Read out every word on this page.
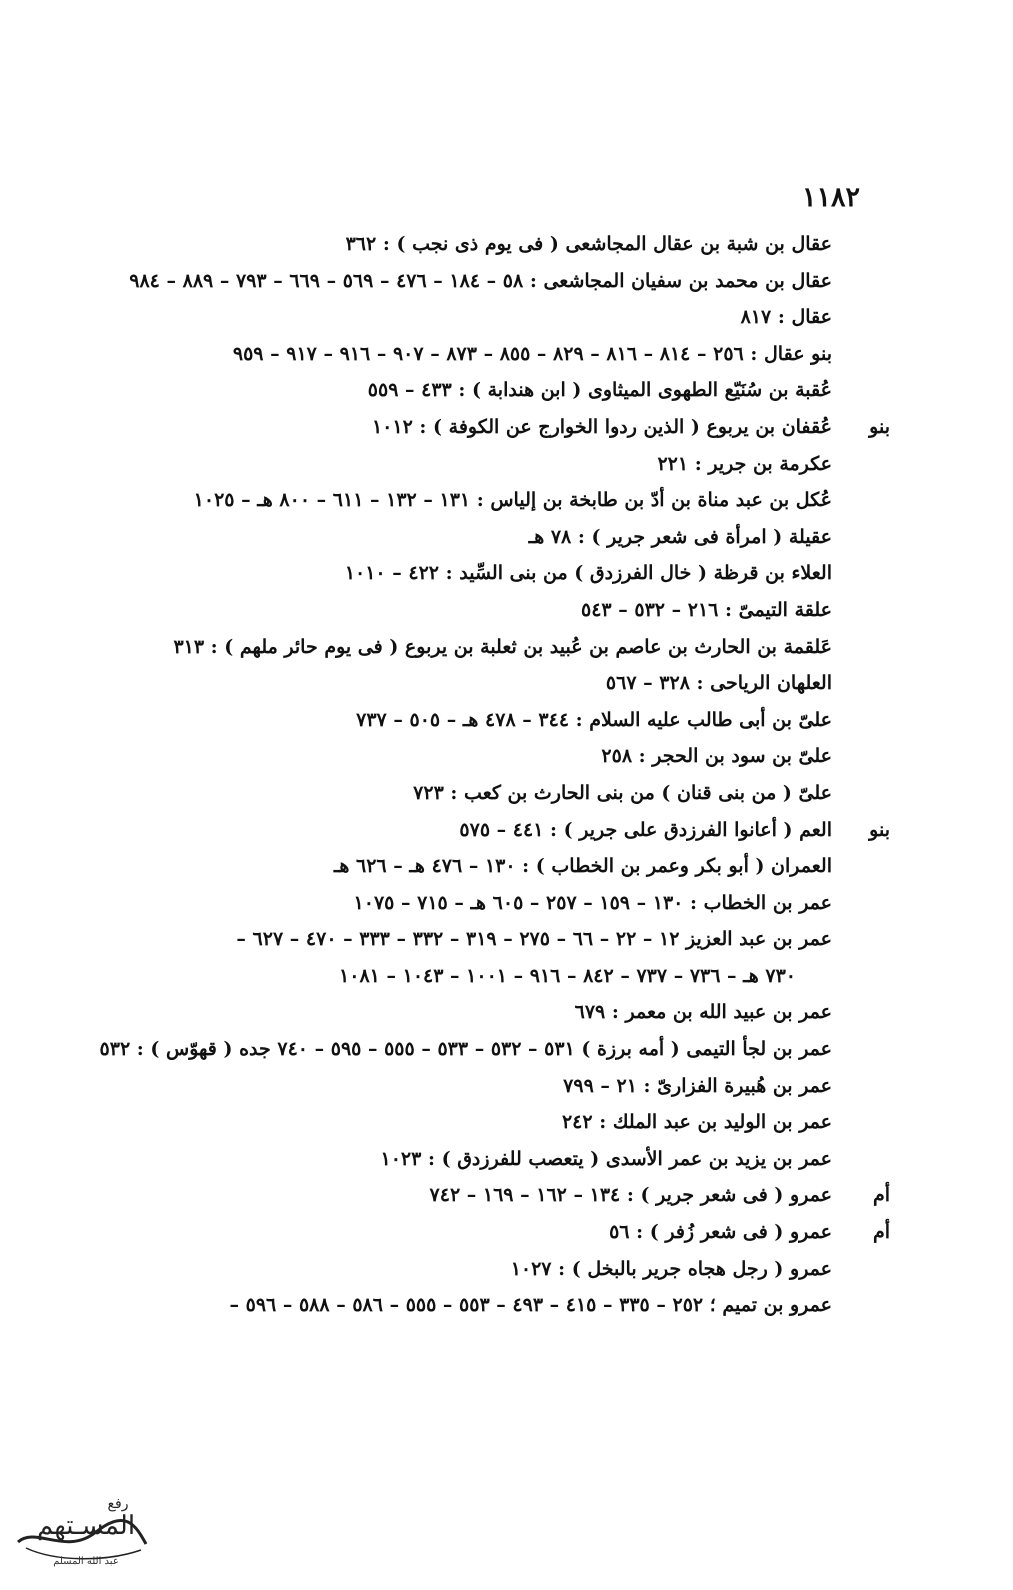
١١٨٢
عقال بن شبة بن عقال المجاشعى ( فى يوم ذى نجب ) : ٣٦٢
عقال بن محمد بن سفيان المجاشعى : ٥٨ – ١٨٤ – ٤٧٦ – ٥٦٩ – ٦٦٩ – ٧٩٣ – ٨٨٩ – ٩٨٤
عقال : ٨١٧
بنو عقال : ٢٥٦ – ٨١٤ – ٨١٦ – ٨٢٩ – ٨٥٥ – ٨٧٣ – ٩٠٧ – ٩١٦ – ٩١٧ – ٩٥٩
عُقبة بن سُنَيّع الطهوى الميثاوى ( ابن هندابة ) : ٤٣٣ – ٥٥٩
بنو
عُقفان بن يربوع ( الذين ردوا الخوارج عن الكوفة ) : ١٠١٢
عكرمة بن جرير : ٢٢١
عُكل بن عبد مناة بن أدّ بن طابخة بن إلياس : ١٣١ – ١٣٢ – ٦١١ – ٨٠٠ هـ – ١٠٢٥
عقيلة ( امرأة فى شعر جرير ) : ٧٨ هـ
العلاء بن قرظة ( خال الفرزدق ) من بنى السِّيد : ٤٢٢ – ١٠١٠
علقة التيمىّ : ٢١٦ – ٥٣٢ – ٥٤٣
عَلقمة بن الحارث بن عاصم بن عُبيد بن ثعلبة بن يربوع ( فى يوم حائر ملهم ) : ٣١٣
العلهان الرياحى : ٣٢٨ – ٥٦٧
علىّ بن أبى طالب عليه السلام : ٣٤٤ – ٤٧٨ هـ – ٥٠٥ – ٧٣٧
علىّ بن سود بن الحجر : ٢٥٨
علىّ ( من بنى قنان ) من بنى الحارث بن كعب : ٧٢٣
بنو
العم ( أعانوا الفرزدق على جرير ) : ٤٤١ – ٥٧٥
العمران ( أبو بكر وعمر بن الخطاب ) : ١٣٠ – ٤٧٦ هـ – ٦٢٦ هـ
عمر بن الخطاب : ١٣٠ – ١٥٩ – ٢٥٧ – ٦٠٥ هـ – ٧١٥ – ١٠٧٥
عمر بن عبد العزيز ١٢ – ٢٢ – ٦٦ – ٢٧٥ – ٣١٩ – ٣٣٢ – ٣٣٣ – ٤٧٠ – ٦٢٧ –
٧٣٠ هـ – ٧٣٦ – ٧٣٧ – ٨٤٢ – ٩١٦ – ١٠٠١ – ١٠٤٣ – ١٠٨١
عمر بن عبيد الله بن معمر : ٦٧٩
عمر بن لجأ التيمى ( أمه برزة ) ٥٣١ – ٥٣٢ – ٥٣٣ – ٥٥٥ – ٥٩٥ – ٧٤٠ جده ( قهوّس ) : ٥٣٢
عمر بن هُبيرة الفزارىّ : ٢١ – ٧٩٩
عمر بن الوليد بن عبد الملك : ٢٤٢
عمر بن يزيد بن عمر الأسدى ( يتعصب للفرزدق ) : ١٠٢٣
أم
عمرو ( فى شعر جرير ) : ١٣٤ – ١٦٢ – ١٦٩ – ٧٤٢
أم
عمرو ( فى شعر زُفر ) : ٥٦
عمرو ( رجل هجاه جرير بالبخل ) : ١٠٢٧
عمرو بن تميم ؛ ٢٥٢ – ٣٣٥ – ٤١٥ – ٤٩٣ – ٥٥٣ – ٥٥٥ – ٥٨٦ – ٥٨٨ – ٥٩٦ –
المسـتهم
رفع
عبد الله المسلم
